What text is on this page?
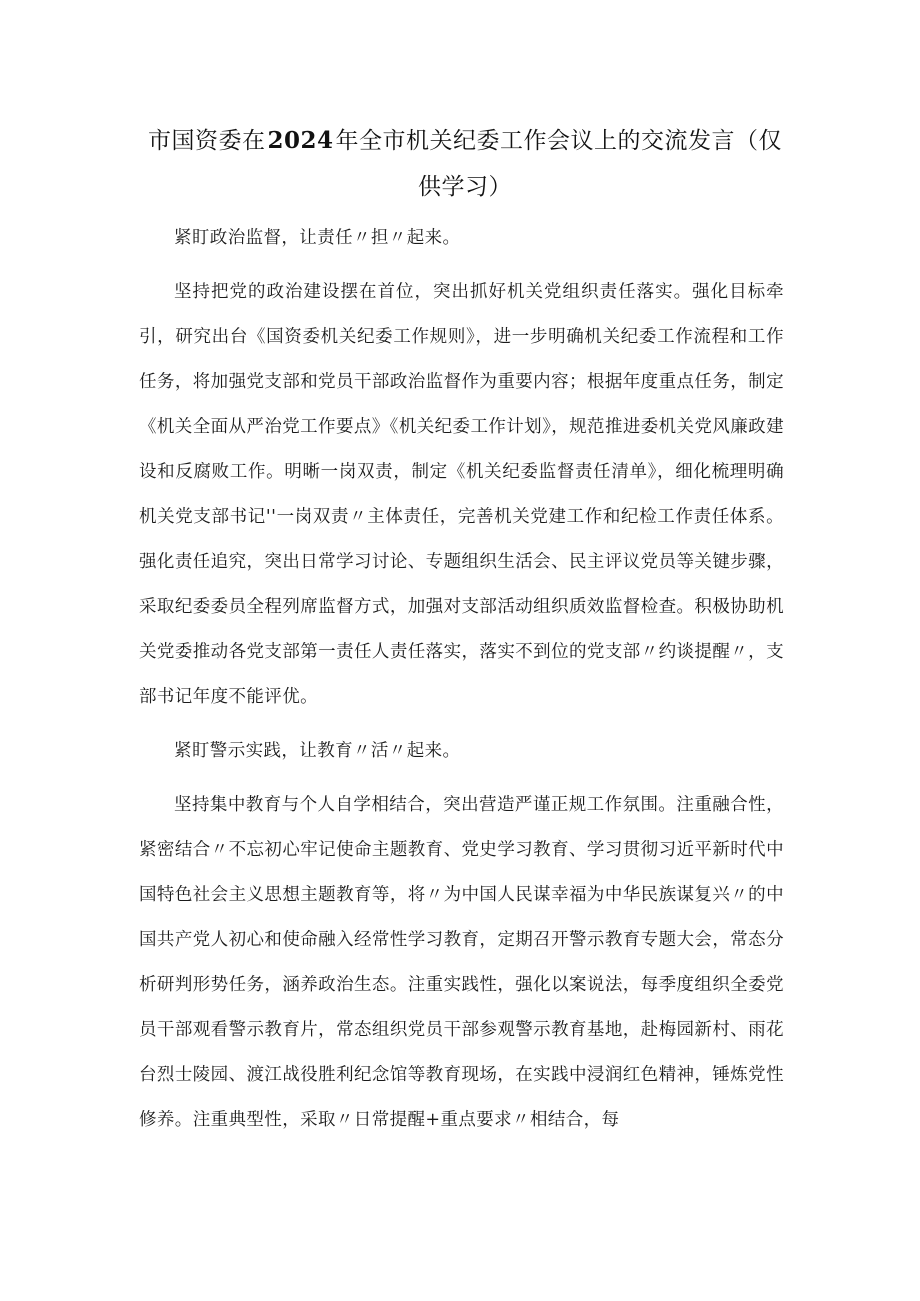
市国资委在2024年全市机关纪委工作会议上的交流发言（仅供学习）

紧盯政治监督，让责任〃担〃起来。

坚持把党的政治建设摆在首位，突出抓好机关党组织责任落实。强化目标牵引，研究出台《国资委机关纪委工作规则》，进一步明确机关纪委工作流程和工作任务，将加强党支部和党员干部政治监督作为重要内容；根据年度重点任务，制定《机关全面从严治党工作要点》《机关纪委工作计划》，规范推进委机关党风廉政建设和反腐败工作。明晰一岗双责，制定《机关纪委监督责任清单》，细化梳理明确机关党支部书记''一岗双责〃主体责任，完善机关党建工作和纪检工作责任体系。强化责任追究，突出日常学习讨论、专题组织生活会、民主评议党员等关键步骤，采取纪委委员全程列席监督方式，加强对支部活动组织质效监督检查。积极协助机关党委推动各党支部第一责任人责任落实，落实不到位的党支部〃约谈提醒〃，支部书记年度不能评优。

紧盯警示实践，让教育〃活〃起来。

坚持集中教育与个人自学相结合，突出营造严谨正规工作氛围。注重融合性，紧密结合〃不忘初心牢记使命主题教育、党史学习教育、学习贯彻习近平新时代中国特色社会主义思想主题教育等，将〃为中国人民谋幸福为中华民族谋复兴〃的中国共产党人初心和使命融入经常性学习教育，定期召开警示教育专题大会，常态分析研判形势任务，涵养政治生态。注重实践性，强化以案说法，每季度组织全委党员干部观看警示教育片，常态组织党员干部参观警示教育基地，赴梅园新村、雨花台烈士陵园、渡江战役胜利纪念馆等教育现场，在实践中浸润红色精神，锤炼党性修养。注重典型性，采取〃日常提醒+重点要求〃相结合，每
